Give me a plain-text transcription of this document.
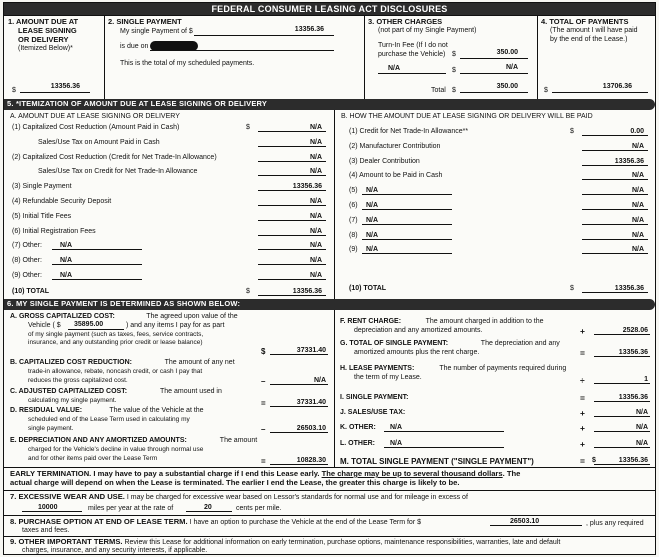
FEDERAL CONSUMER LEASING ACT DISCLOSURES
1. AMOUNT DUE AT
LEASE SIGNING
OR DELIVERY
(Itemized Below)*
$
13356.36
2. SINGLE PAYMENT
My single Payment of $	13356.36
is due on
This is the total of my scheduled payments.
3. OTHER CHARGES
(not part of my Single Payment)
Turn-In Fee (If I do not
purchase the Vehicle) $	350.00
N/A	$	N/A
Total $
350.00
4. TOTAL OF PAYMENTS
(The amount I will have paid
by the end of the Lease.)
$
13706.36
5. *ITEMIZATION OF AMOUNT DUE AT LEASE SIGNING OR DELIVERY
A. AMOUNT DUE AT LEASE SIGNING OR DELIVERY	B. HOW THE AMOUNT DUE AT LEASE SIGNING OR DELIVERY WILL BE PAID
(1) Capitalized Cost Reduction (Amount Paid in Cash)	$	N/A
Sales/Use Tax on Amount Paid in Cash	N/A
(2) Capitalized Cost Reduction (Credit for Net Trade-In Allowance)	N/A
Sales/Use Tax on Credit for Net Trade-In Allowance	N/A
(3) Single Payment	13356.36
(4) Refundable Security Deposit	N/A
(5) Initial Title Fees	N/A
(6) Initial Registration Fees	N/A
(7) Other:	N/A	N/A
(8) Other:	N/A	N/A
(9) Other:	N/A	N/A
(10) TOTAL	$	13356.36
(1) Credit for Net Trade-In Allowance**	$	0.00
(2) Manufacturer Contribution	N/A
(3) Dealer Contribution	13356.36
(4) Amount to be Paid in Cash	N/A
(5) N/A	N/A
(6) N/A	N/A
(7) N/A	N/A
(8) N/A	N/A
(9) N/A	N/A
(10) TOTAL	$	13356.36
6. MY SINGLE PAYMENT IS DETERMINED AS SHOWN BELOW:
A. GROSS CAPITALIZED COST:	The agreed upon value of the
Vehicle ( $ 35895.00	) and any items I pay for as part
of my single payment (such as taxes, fees, service contracts,
insurance, and any outstanding prior credit or lease balance)
$	37331.40
B. CAPITALIZED COST REDUCTION:	The amount of any net
trade-in allowance, rebate, noncash credit, or cash I pay that
reduces the gross capitalized cost.	–	N/A
C. ADJUSTED CAPITALIZED COST:	The amount used in
calculating my single payment.	=	37331.40
D. RESIDUAL VALUE:	The value of the Vehicle at the
scheduled end of the Lease Term used in calculating my
single payment.	–	26503.10
E. DEPRECIATION AND ANY AMORTIZED AMOUNTS:	The amount
charged for the Vehicle's decline in value through normal use
and for other items paid over the Lease Term	=	10828.30
F. RENT CHARGE:	The amount charged in addition to the
depreciation and any amortized amounts.	+	2528.06
G. TOTAL OF SINGLE PAYMENT:	The depreciation and any
amortized amounts plus the rent charge.	=	13356.36
H. LEASE PAYMENTS:	The number of payments required during
the term of my Lease.	÷	1
I. SINGLE PAYMENT:	=	13356.36
J. SALES/USE TAX:	+	N/A
K. OTHER: N/A	+	N/A
L. OTHER: N/A	+	N/A
M. TOTAL SINGLE PAYMENT ("SINGLE PAYMENT")	= $	13356.36
EARLY TERMINATION. I may have to pay a substantial charge if I end this Lease early. The charge may be up to several thousand dollars. The
actual charge will depend on when the Lease is terminated. The earlier I end the Lease, the greater this charge is likely to be.
7. EXCESSIVE WEAR AND USE. I may be charged for excessive wear based on Lessor's standards for normal use and for mileage in excess of
10000	miles per year at the rate of	20	cents per mile.
8. PURCHASE OPTION AT END OF LEASE TERM. I have an option to purchase the Vehicle at the end of the Lease Term for $	26503.10	, plus any required
taxes and fees.
9. OTHER IMPORTANT TERMS. Review this Lease for additional information on early termination, purchase options, maintenance responsibilities, warranties, late and default
charges, insurance, and any security interests, if applicable.
